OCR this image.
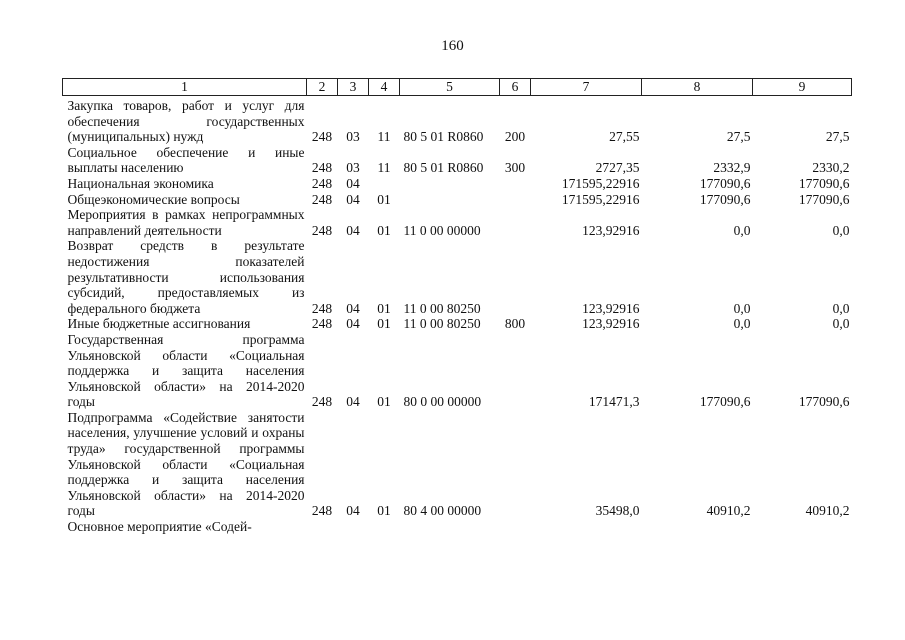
160
1	2	3	4	5	6	7	8	9

Закупка товаров, работ и услуг для обеспечения государственных (муниципальных) нужд	248	03	11	80 5 01 R0860	200	27,55	27,5	27,5
Социальное обеспечение и иные выплаты населению	248	03	11	80 5 01 R0860	300	2727,35	2332,9	2330,2
Национальная экономика	248	04				171595,22916	177090,6	177090,6
Общеэкономические вопросы	248	04	01			171595,22916	177090,6	177090,6
Мероприятия в рамках непрограммных направлений деятельности	248	04	01	11 0 00 00000		123,92916	0,0	0,0
Возврат средств в результате недостижения показателей результативности использования субсидий, предоставляемых из федерального бюджета	248	04	01	11 0 00 80250		123,92916	0,0	0,0
Иные бюджетные ассигнования	248	04	01	11 0 00 80250	800	123,92916	0,0	0,0
Государственная программа Ульяновской области «Социальная поддержка и защита населения Ульяновской области» на 2014-2020 годы	248	04	01	80 0 00 00000		171471,3	177090,6	177090,6
Подпрограмма «Содействие занятости населения, улучшение условий и охраны труда» государственной программы Ульяновской области «Социальная поддержка и защита населения Ульяновской области» на 2014-2020 годы	248	04	01	80 4 00 00000		35498,0	40910,2	40910,2
Основное мероприятие «Содей-								
